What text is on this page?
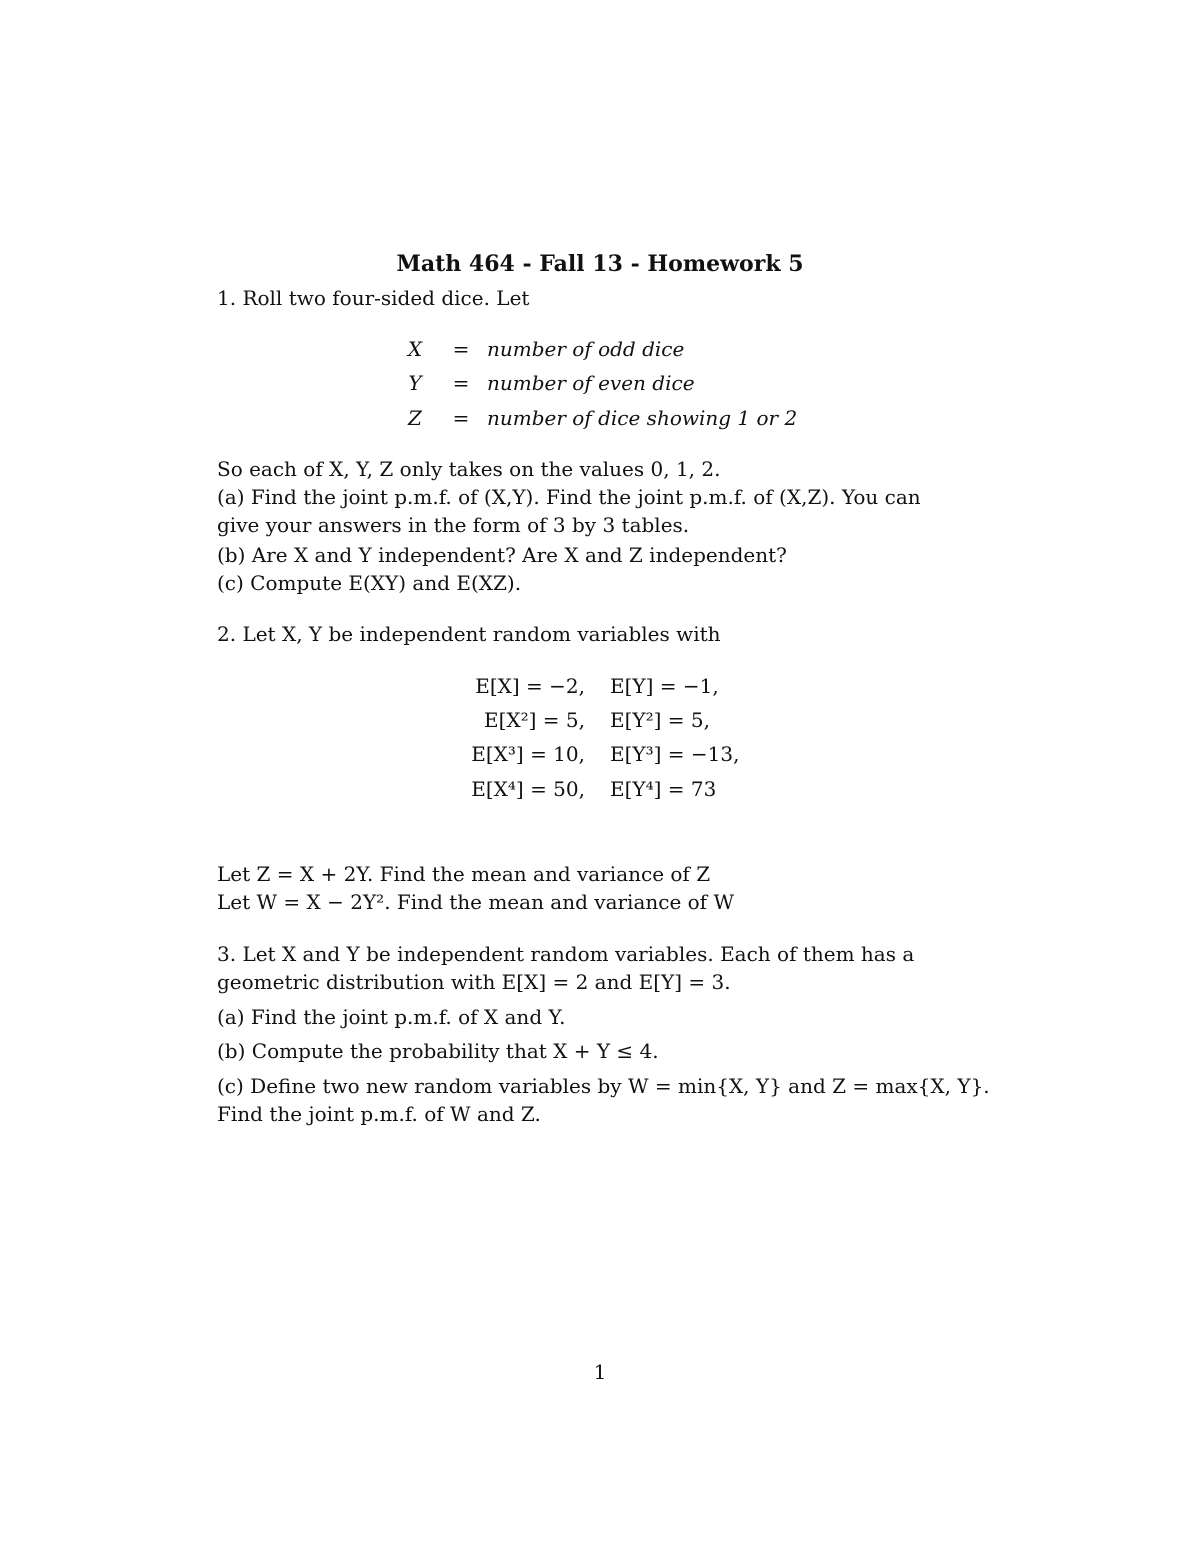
Math 464 - Fall 13 - Homework 5
1. Roll two four-sided dice. Let
X = number of odd dice
Y = number of even dice
Z = number of dice showing 1 or 2
So each of X, Y, Z only takes on the values 0, 1, 2.
(a) Find the joint p.m.f. of (X,Y). Find the joint p.m.f. of (X,Z). You can
give your answers in the form of 3 by 3 tables.
(b) Are X and Y independent? Are X and Z independent?
(c) Compute E(XY) and E(XZ).
2. Let X, Y be independent random variables with
E[X] = −2, E[Y] = −1,
E[X²] = 5, E[Y²] = 5,
E[X³] = 10, E[Y³] = −13,
E[X⁴] = 50, E[Y⁴] = 73
Let Z = X + 2Y. Find the mean and variance of Z
Let W = X − 2Y². Find the mean and variance of W
3. Let X and Y be independent random variables. Each of them has a
geometric distribution with E[X] = 2 and E[Y] = 3.
(a) Find the joint p.m.f. of X and Y.
(b) Compute the probability that X + Y ≤ 4.
(c) Define two new random variables by W = min{X, Y} and Z = max{X, Y}.
Find the joint p.m.f. of W and Z.
1
